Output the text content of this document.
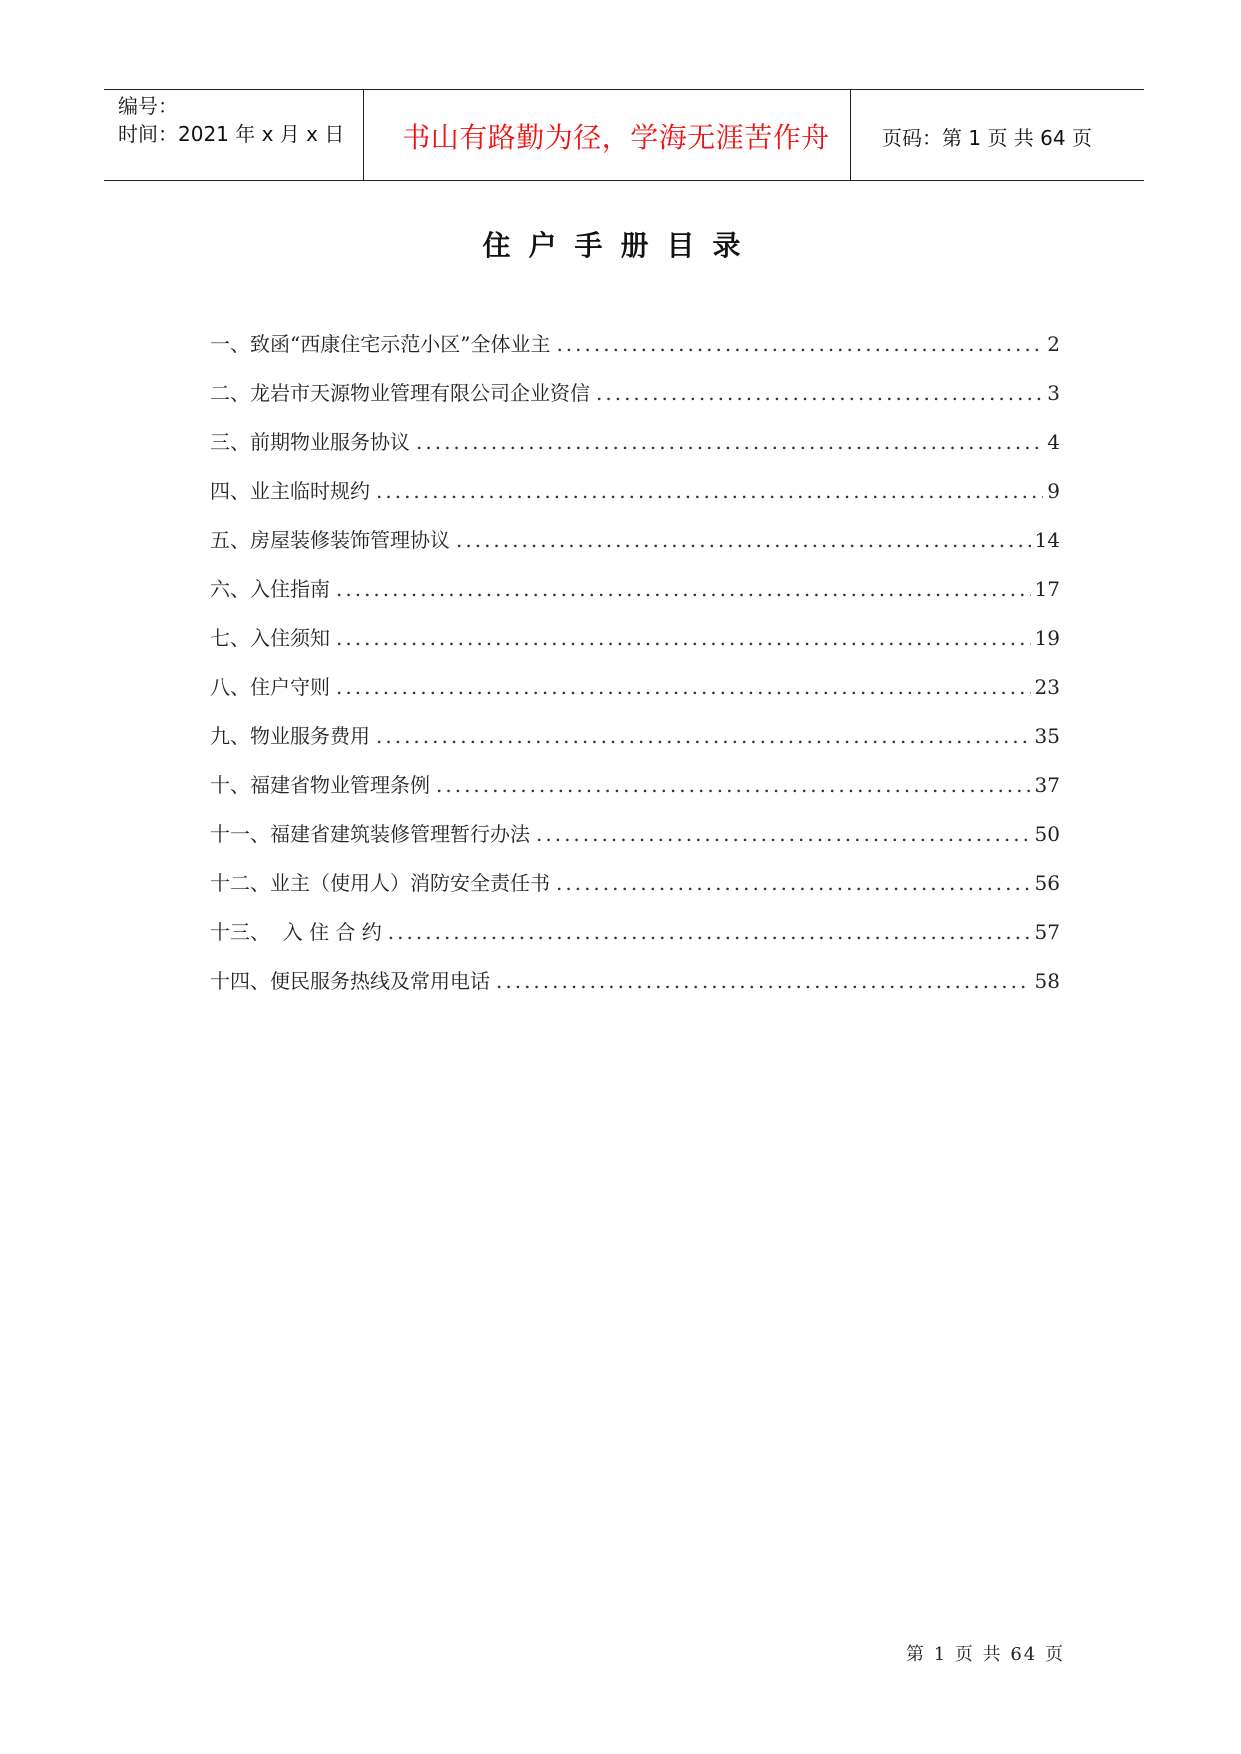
编号：
时间：2021 年 x 月 x 日	书山有路勤为径，学海无涯苦作舟	页码：第 1 页 共 64 页
住户手册目录
一、致函“西康住宅示范小区”全体业主 .....	2
二、龙岩市天源物业管理有限公司企业资信 .....	3
三、前期物业服务协议 .....	4
四、业主临时规约 .....	9
五、房屋装修装饰管理协议 .....	14
六、入住指南 .....	17
七、入住须知 .....	19
八、住户守则 .....	23
九、物业服务费用 .....	35
十、福建省物业管理条例 .....	37
十一、福建省建筑装修管理暂行办法 .....	50
十二、业主（使用人）消防安全责任书 .....	56
十三、  入 住 合 约 .....	57
十四、便民服务热线及常用电话 .....	58
第 1 页 共 64 页
